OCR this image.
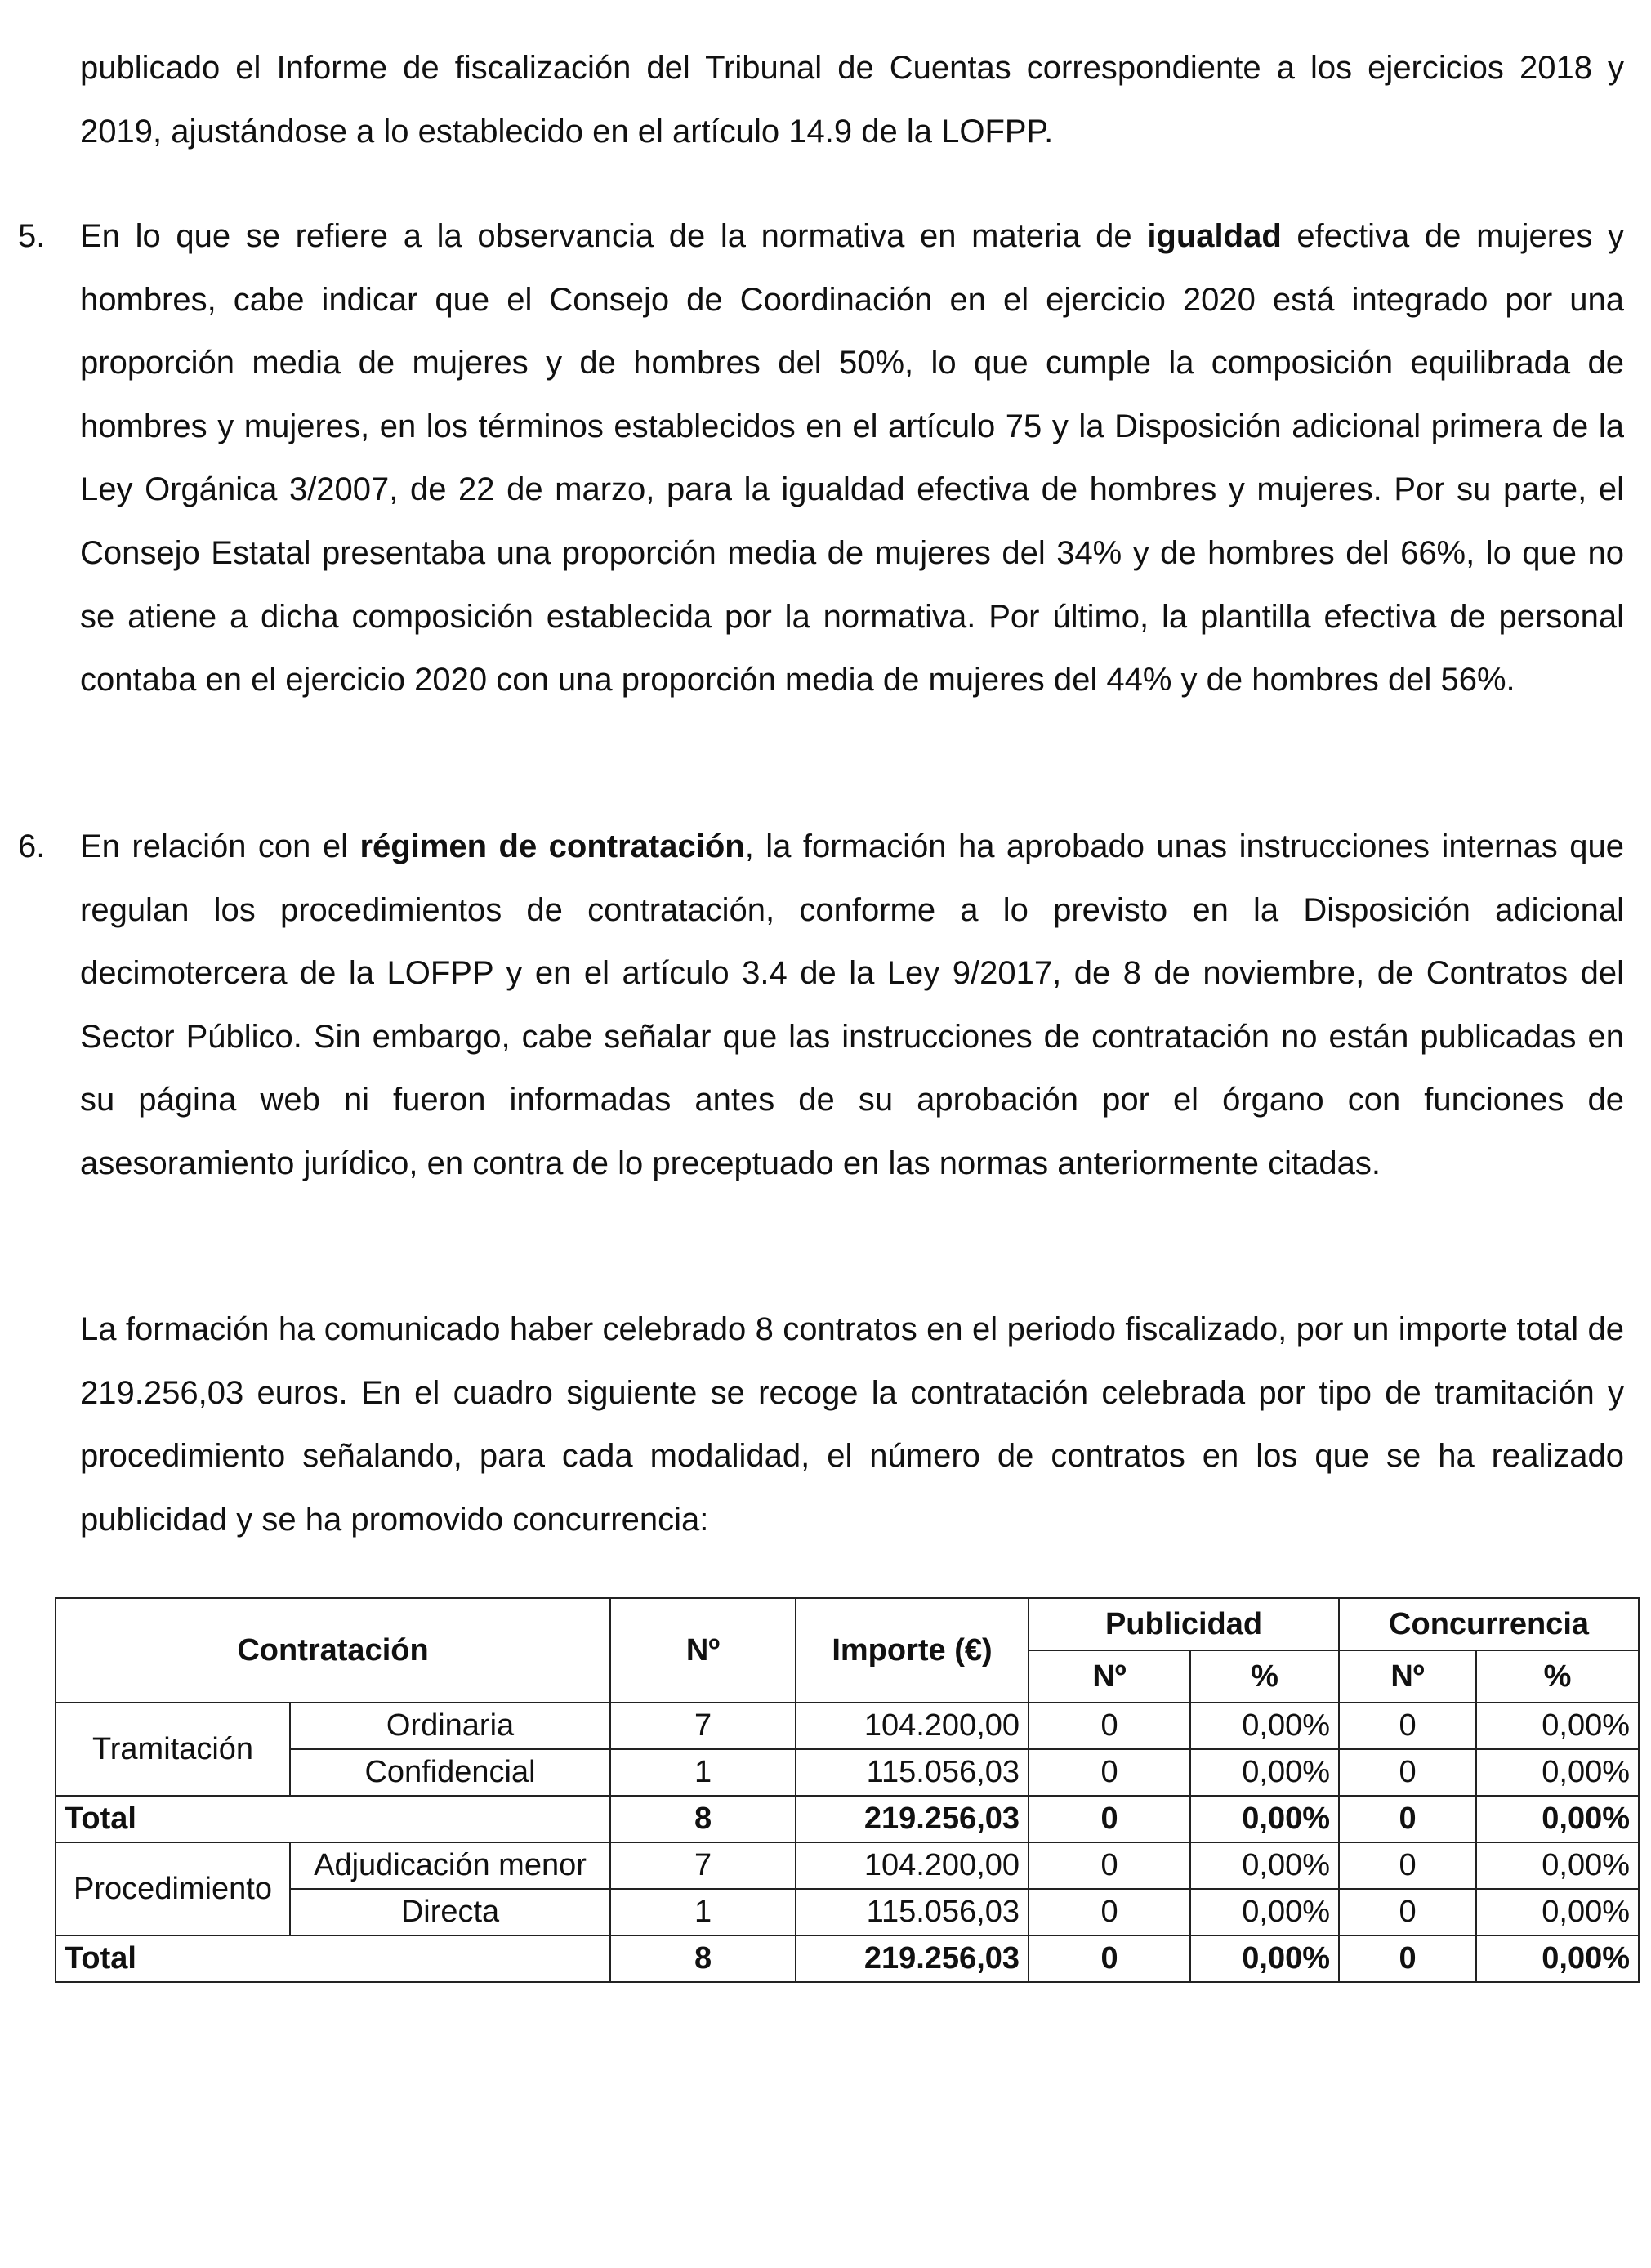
publicado el Informe de fiscalización del Tribunal de Cuentas correspondiente a los ejercicios 2018 y 2019, ajustándose a lo establecido en el artículo 14.9 de la LOFPP.

5. En lo que se refiere a la observancia de la normativa en materia de igualdad efectiva de mujeres y hombres, cabe indicar que el Consejo de Coordinación en el ejercicio 2020 está integrado por una proporción media de mujeres y de hombres del 50%, lo que cumple la composición equilibrada de hombres y mujeres, en los términos establecidos en el artículo 75 y la Disposición adicional primera de la Ley Orgánica 3/2007, de 22 de marzo, para la igualdad efectiva de hombres y mujeres. Por su parte, el Consejo Estatal presentaba una proporción media de mujeres del 34% y de hombres del 66%, lo que no se atiene a dicha composición establecida por la normativa. Por último, la plantilla efectiva de personal contaba en el ejercicio 2020 con una proporción media de mujeres del 44% y de hombres del 56%.

6. En relación con el régimen de contratación, la formación ha aprobado unas instrucciones internas que regulan los procedimientos de contratación, conforme a lo previsto en la Disposición adicional decimotercera de la LOFPP y en el artículo 3.4 de la Ley 9/2017, de 8 de noviembre, de Contratos del Sector Público. Sin embargo, cabe señalar que las instrucciones de contratación no están publicadas en su página web ni fueron informadas antes de su aprobación por el órgano con funciones de asesoramiento jurídico, en contra de lo preceptuado en las normas anteriormente citadas.

La formación ha comunicado haber celebrado 8 contratos en el periodo fiscalizado, por un importe total de 219.256,03 euros. En el cuadro siguiente se recoge la contratación celebrada por tipo de tramitación y procedimiento señalando, para cada modalidad, el número de contratos en los que se ha realizado publicidad y se ha promovido concurrencia:

Contratación		Nº	Importe (€)	Publicidad		Concurrencia	
				Nº	%	Nº	%
Tramitación	Ordinaria	7	104.200,00	0	0,00%	0	0,00%
	Confidencial	1	115.056,03	0	0,00%	0	0,00%
Total		8	219.256,03	0	0,00%	0	0,00%
Procedimiento	Adjudicación menor	7	104.200,00	0	0,00%	0	0,00%
	Directa	1	115.056,03	0	0,00%	0	0,00%
Total		8	219.256,03	0	0,00%	0	0,00%
